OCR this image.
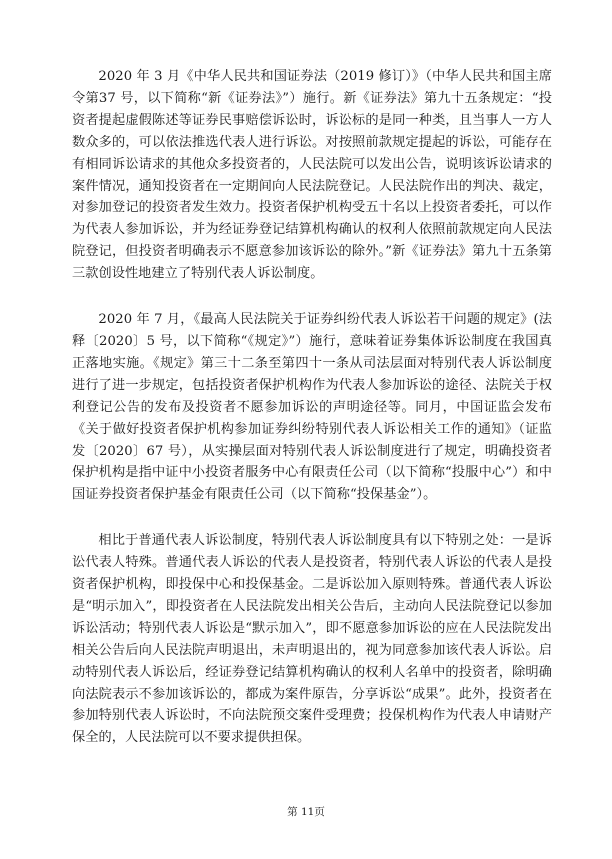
2020 年 3 月《中华人民共和国证券法（2019 修订）》（中华人民共和国主席令第37 号，以下简称“新《证券法》”）施行。新《证券法》第九十五条规定：“投资者提起虚假陈述等证券民事赔偿诉讼时，诉讼标的是同一种类，且当事人一方人数众多的，可以依法推选代表人进行诉讼。对按照前款规定提起的诉讼，可能存在有相同诉讼请求的其他众多投资者的，人民法院可以发出公告，说明该诉讼请求的案件情况，通知投资者在一定期间向人民法院登记。人民法院作出的判决、裁定，对参加登记的投资者发生效力。投资者保护机构受五十名以上投资者委托，可以作为代表人参加诉讼，并为经证券登记结算机构确认的权利人依照前款规定向人民法院登记，但投资者明确表示不愿意参加该诉讼的除外。”新《证券法》第九十五条第三款创设性地建立了特别代表人诉讼制度。

2020 年 7 月，《最高人民法院关于证券纠纷代表人诉讼若干问题的规定》(法释〔2020〕5 号，以下简称“《规定》”）施行，意味着证券集体诉讼制度在我国真正落地实施。《规定》第三十二条至第四十一条从司法层面对特别代表人诉讼制度进行了进一步规定，包括投资者保护机构作为代表人参加诉讼的途径、法院关于权利登记公告的发布及投资者不愿参加诉讼的声明途径等。同月，中国证监会发布《关于做好投资者保护机构参加证券纠纷特别代表人诉讼相关工作的通知》（证监发〔2020〕67 号），从实操层面对特别代表人诉讼制度进行了规定，明确投资者保护机构是指中证中小投资者服务中心有限责任公司（以下简称“投服中心”）和中国证券投资者保护基金有限责任公司（以下简称“投保基金”）。

相比于普通代表人诉讼制度，特别代表人诉讼制度具有以下特别之处：一是诉讼代表人特殊。普通代表人诉讼的代表人是投资者，特别代表人诉讼的代表人是投资者保护机构，即投保中心和投保基金。二是诉讼加入原则特殊。普通代表人诉讼是“明示加入”，即投资者在人民法院发出相关公告后，主动向人民法院登记以参加诉讼活动；特别代表人诉讼是“默示加入”，即不愿意参加诉讼的应在人民法院发出相关公告后向人民法院声明退出，未声明退出的，视为同意参加该代表人诉讼。启动特别代表人诉讼后，经证券登记结算机构确认的权利人名单中的投资者，除明确向法院表示不参加该诉讼的，都成为案件原告，分享诉讼“成果”。此外，投资者在参加特别代表人诉讼时，不向法院预交案件受理费；投保机构作为代表人申请财产保全的，人民法院可以不要求提供担保。

第 11页
